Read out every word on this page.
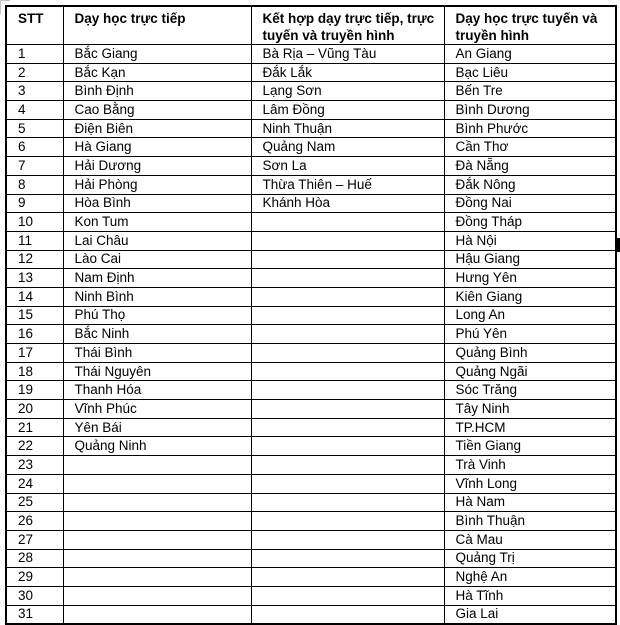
STT	Dạy học trực tiếp	Kết hợp dạy trực tiếp, trực tuyến và truyền hình	Dạy học trực tuyến và truyền hình
1	Bắc Giang	Bà Rịa – Vũng Tàu	An Giang
2	Bắc Kạn	Đắk Lắk	Bạc Liêu
3	Bình Định	Lạng Sơn	Bến Tre
4	Cao Bằng	Lâm Đồng	Bình Dương
5	Điện Biên	Ninh Thuận	Bình Phước
6	Hà Giang	Quảng Nam	Cần Thơ
7	Hải Dương	Sơn La	Đà Nẵng
8	Hải Phòng	Thừa Thiên – Huế	Đắk Nông
9	Hòa Bình	Khánh Hòa	Đồng Nai
10	Kon Tum		Đồng Tháp
11	Lai Châu		Hà Nội
12	Lào Cai		Hậu Giang
13	Nam Định		Hưng Yên
14	Ninh Bình		Kiên Giang
15	Phú Thọ		Long An
16	Bắc Ninh		Phú Yên
17	Thái Bình		Quảng Bình
18	Thái Nguyên		Quảng Ngãi
19	Thanh Hóa		Sóc Trăng
20	Vĩnh Phúc		Tây Ninh
21	Yên Bái		TP.HCM
22	Quảng Ninh		Tiền Giang
23			Trà Vinh
24			Vĩnh Long
25			Hà Nam
26			Bình Thuận
27			Cà Mau
28			Quảng Trị
29			Nghệ An
30			Hà Tĩnh
31			Gia Lai
